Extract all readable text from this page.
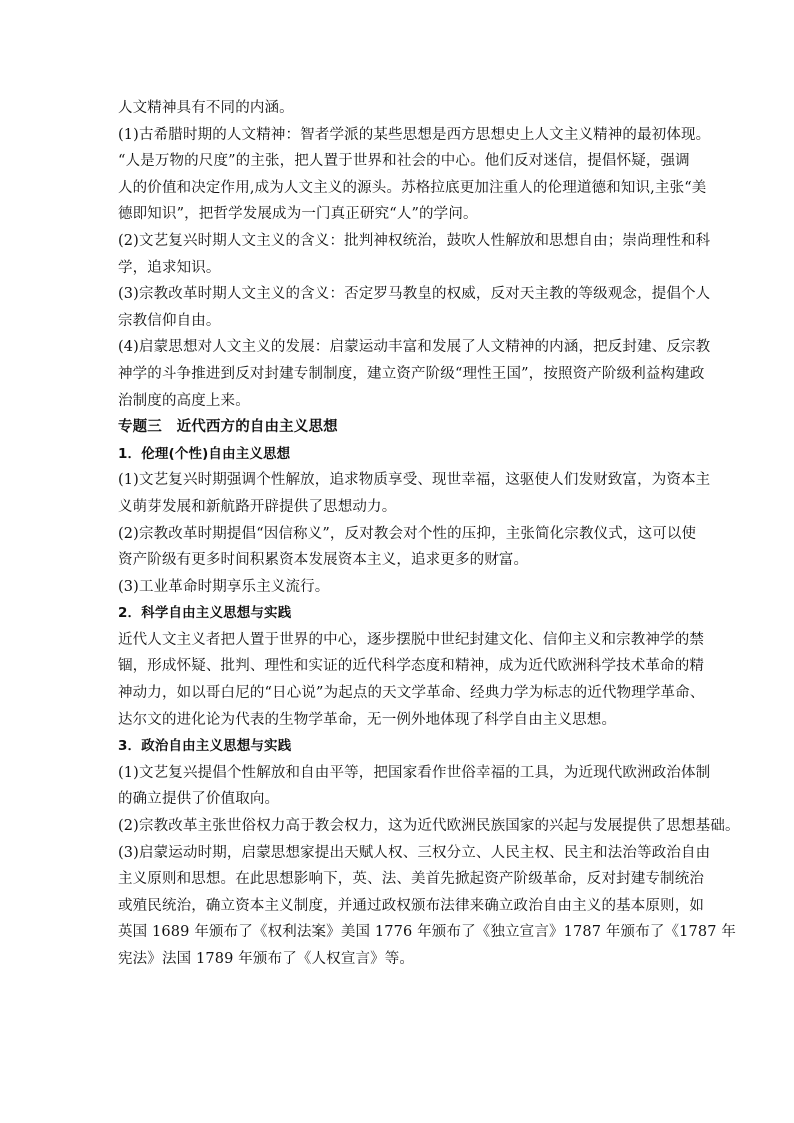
人文精神具有不同的内涵。
(1)古希腊时期的人文精神：智者学派的某些思想是西方思想史上人文主义精神的最初体现。
“人是万物的尺度”的主张，把人置于世界和社会的中心。他们反对迷信，提倡怀疑，强调
人的价值和决定作用,成为人文主义的源头。苏格拉底更加注重人的伦理道德和知识,主张“美
德即知识”，把哲学发展成为一门真正研究“人”的学问。
(2)文艺复兴时期人文主义的含义：批判神权统治，鼓吹人性解放和思想自由；崇尚理性和科
学，追求知识。
(3)宗教改革时期人文主义的含义：否定罗马教皇的权威，反对天主教的等级观念，提倡个人
宗教信仰自由。
(4)启蒙思想对人文主义的发展：启蒙运动丰富和发展了人文精神的内涵，把反封建、反宗教
神学的斗争推进到反对封建专制制度，建立资产阶级“理性王国”，按照资产阶级利益构建政
治制度的高度上来。
专题三　近代西方的自由主义思想
1．伦理(个性)自由主义思想
(1)文艺复兴时期强调个性解放，追求物质享受、现世幸福，这驱使人们发财致富，为资本主
义萌芽发展和新航路开辟提供了思想动力。
(2)宗教改革时期提倡“因信称义”，反对教会对个性的压抑，主张简化宗教仪式，这可以使
资产阶级有更多时间积累资本发展资本主义，追求更多的财富。
(3)工业革命时期享乐主义流行。
2．科学自由主义思想与实践
近代人文主义者把人置于世界的中心，逐步摆脱中世纪封建文化、信仰主义和宗教神学的禁
锢，形成怀疑、批判、理性和实证的近代科学态度和精神，成为近代欧洲科学技术革命的精
神动力，如以哥白尼的“日心说”为起点的天文学革命、经典力学为标志的近代物理学革命、
达尔文的进化论为代表的生物学革命，无一例外地体现了科学自由主义思想。
3．政治自由主义思想与实践
(1)文艺复兴提倡个性解放和自由平等，把国家看作世俗幸福的工具，为近现代欧洲政治体制
的确立提供了价值取向。
(2)宗教改革主张世俗权力高于教会权力，这为近代欧洲民族国家的兴起与发展提供了思想基础。
(3)启蒙运动时期，启蒙思想家提出天赋人权、三权分立、人民主权、民主和法治等政治自由
主义原则和思想。在此思想影响下，英、法、美首先掀起资产阶级革命，反对封建专制统治
或殖民统治，确立资本主义制度，并通过政权颁布法律来确立政治自由主义的基本原则，如
英国 1689 年颁布了《权利法案》美国 1776 年颁布了《独立宣言》1787 年颁布了《1787 年
宪法》法国 1789 年颁布了《人权宣言》等。
